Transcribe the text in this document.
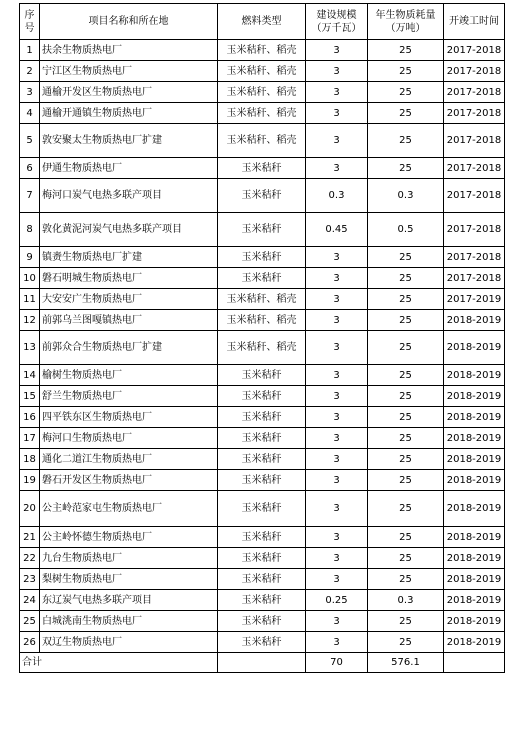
序号	项目名称和所在地	燃料类型	建设规模（万千瓦）	年生物质耗量（万吨）	开竣工时间
1	扶余生物质热电厂	玉米秸秆、稻壳	3	25	2017-2018
2	宁江区生物质热电厂	玉米秸秆、稻壳	3	25	2017-2018
3	通榆开发区生物质热电厂	玉米秸秆、稻壳	3	25	2017-2018
4	通榆开通镇生物质热电厂	玉米秸秆、稻壳	3	25	2017-2018
5	敦安聚太生物质热电厂扩建	玉米秸秆、稻壳	3	25	2017-2018
6	伊通生物质热电厂	玉米秸秆	3	25	2017-2018
7	梅河口炭气电热多联产项目	玉米秸秆	0.3	0.3	2017-2018
8	敦化黄泥河炭气电热多联产项目	玉米秸秆	0.45	0.5	2017-2018
9	镇赉生物质热电厂扩建	玉米秸秆	3	25	2017-2018
10	磐石明城生物质热电厂	玉米秸秆	3	25	2017-2018
11	大安安广生物质热电厂	玉米秸秆、稻壳	3	25	2017-2019
12	前郭乌兰图嘎镇热电厂	玉米秸秆、稻壳	3	25	2018-2019
13	前郭众合生物质热电厂扩建	玉米秸秆、稻壳	3	25	2018-2019
14	榆树生物质热电厂	玉米秸秆	3	25	2018-2019
15	舒兰生物质热电厂	玉米秸秆	3	25	2018-2019
16	四平铁东区生物质热电厂	玉米秸秆	3	25	2018-2019
17	梅河口生物质热电厂	玉米秸秆	3	25	2018-2019
18	通化二道江生物质热电厂	玉米秸秆	3	25	2018-2019
19	磐石开发区生物质热电厂	玉米秸秆	3	25	2018-2019
20	公主岭范家屯生物质热电厂	玉米秸秆	3	25	2018-2019
21	公主岭怀德生物质热电厂	玉米秸秆	3	25	2018-2019
22	九台生物质热电厂	玉米秸秆	3	25	2018-2019
23	梨树生物质热电厂	玉米秸秆	3	25	2018-2019
24	东辽炭气电热多联产项目	玉米秸秆	0.25	0.3	2018-2019
25	白城洮南生物质热电厂	玉米秸秆	3	25	2018-2019
26	双辽生物质热电厂	玉米秸秆	3	25	2018-2019
合计			70	576.1	
